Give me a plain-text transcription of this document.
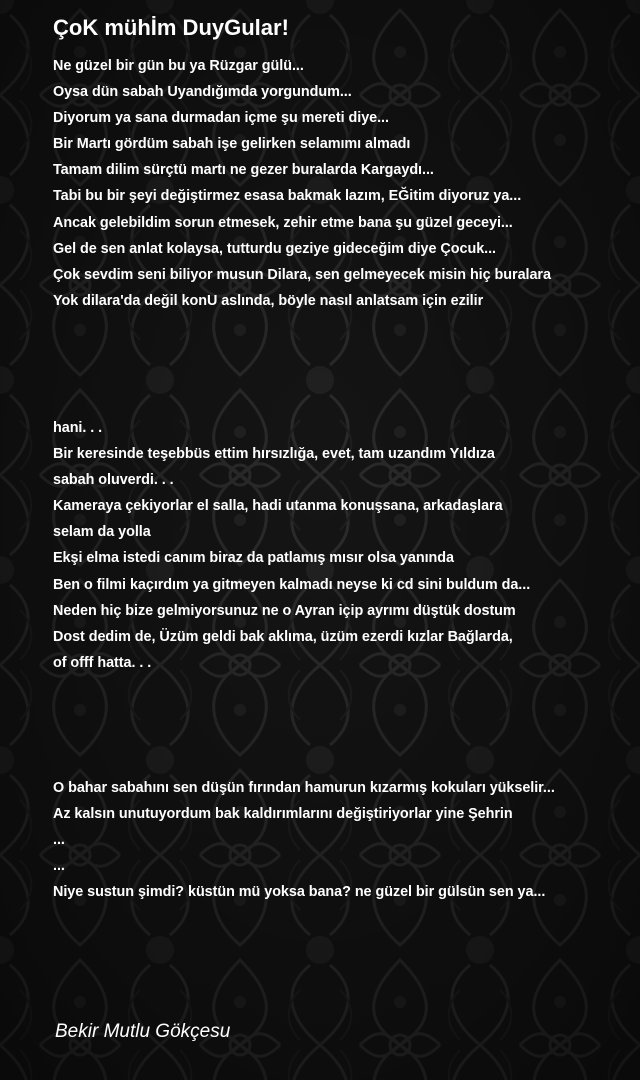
ÇoK mühİm DuyGular!
Ne güzel bir gün bu ya Rüzgar gülü...
Oysa dün sabah Uyandığımda yorgundum...
Diyorum ya sana durmadan içme şu mereti diye...
Bir Martı gördüm sabah işe gelirken selamımı almadı
Tamam dilim sürçtü martı ne gezer buralarda Kargaydı...
Tabi bu bir şeyi değiştirmez esasa bakmak lazım, EĞitim diyoruz ya...
Ancak gelebildim sorun etmesek, zehir etme bana şu güzel geceyi...
Gel de sen anlat kolaysa, tutturdu geziye gideceğim diye Çocuk...
Çok sevdim seni biliyor musun Dilara, sen gelmeyecek misin hiç buralara
Yok dilara'da değil konU aslında, böyle nasıl anlatsam için ezilir
hani. . .
Bir keresinde teşebbüs ettim hırsızlığa, evet, tam uzandım Yıldıza
sabah oluverdi. . .
Kameraya çekiyorlar el salla, hadi utanma konuşsana, arkadaşlara
selam da yolla
Ekşi elma istedi canım biraz da patlamış mısır olsa yanında
Ben o filmi kaçırdım ya gitmeyen kalmadı neyse ki cd sini buldum da...
Neden hiç bize gelmiyorsunuz ne o Ayran içip ayrımı düştük dostum
Dost dedim de, Üzüm geldi bak aklıma, üzüm ezerdi kızlar Bağlarda,
of offf hatta. . .
O bahar sabahını sen düşün fırından hamurun kızarmış kokuları yükselir...
Az kalsın unutuyordum bak kaldırımlarını değiştiriyorlar yine Şehrin
...
...
Niye sustun şimdi? küstün mü yoksa bana? ne güzel bir gülsün sen ya...
Bekir Mutlu Gökçesu
